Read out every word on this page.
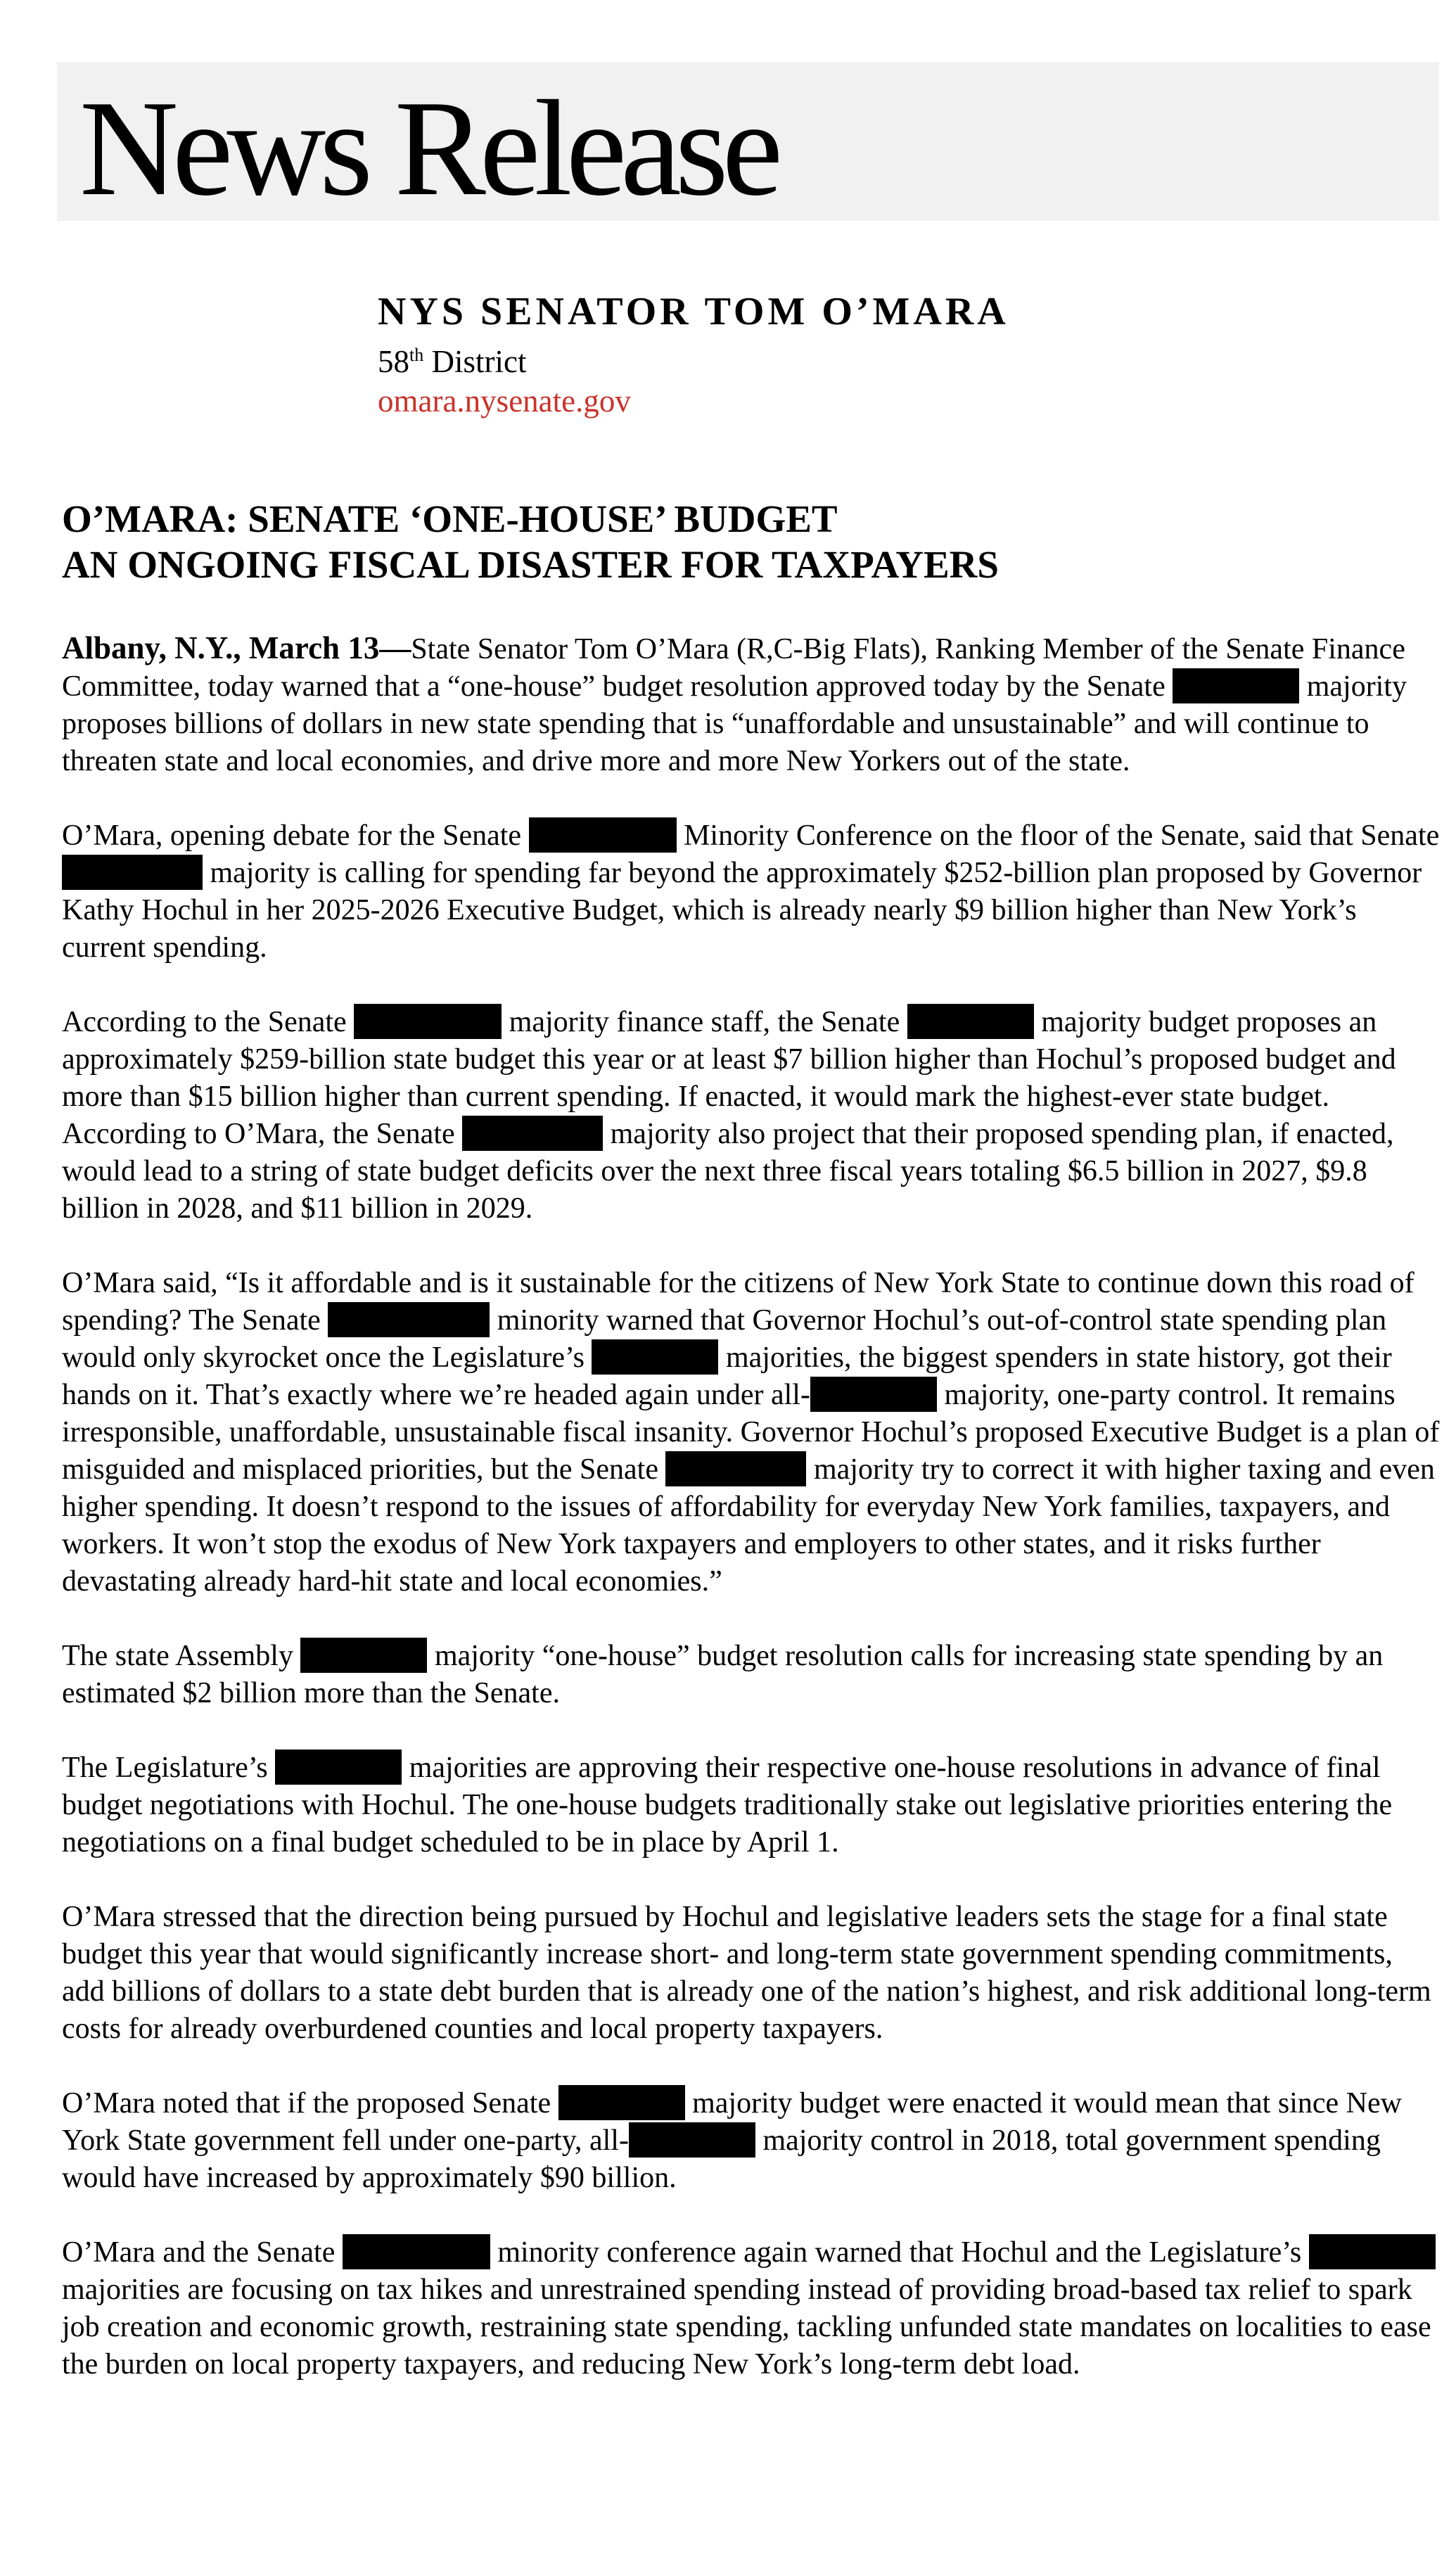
News Release
NYS SENATOR TOM O’MARA
58th District
omara.nysenate.gov
O’MARA: SENATE ‘ONE-HOUSE’ BUDGET
AN ONGOING FISCAL DISASTER FOR TAXPAYERS

Albany, N.Y., March 13—State Senator Tom O’Mara (R,C-Big Flats), Ranking Member of the Senate Finance Committee, today warned that a “one-house” budget resolution approved today by the Senate	majority proposes billions of dollars in new state spending that is “unaffordable and unsustainable” and will continue to threaten state and local economies, and drive more and more New Yorkers out of the state.

O’Mara, opening debate for the Senate	Minority Conference on the floor of the Senate, said that Senate  majority is calling for spending far beyond the approximately $252-billion plan proposed by Governor Kathy Hochul in her 2025-2026 Executive Budget, which is already nearly $9 billion higher than New York’s current spending.

According to the Senate	majority finance staff, the Senate	majority budget proposes an approximately $259-billion state budget this year or at least $7 billion higher than Hochul’s proposed budget and more than $15 billion higher than current spending. If enacted, it would mark the highest-ever state budget. According to O’Mara, the Senate	majority also project that their proposed spending plan, if enacted, would lead to a string of state budget deficits over the next three fiscal years totaling $6.5 billion in 2027, $9.8 billion in 2028, and $11 billion in 2029.

O’Mara said, “Is it affordable and is it sustainable for the citizens of New York State to continue down this road of spending? The Senate	minority warned that Governor Hochul’s out-of-control state spending plan would only skyrocket once the Legislature’s	majorities, the biggest spenders in state history, got their hands on it. That’s exactly where we’re headed again under all-	majority, one-party control. It remains irresponsible, unaffordable, unsustainable fiscal insanity. Governor Hochul’s proposed Executive Budget is a plan of misguided and misplaced priorities, but the Senate	majority try to correct it with higher taxing and even higher spending. It doesn’t respond to the issues of affordability for everyday New York families, taxpayers, and workers. It won’t stop the exodus of New York taxpayers and employers to other states, and it risks further devastating already hard-hit state and local economies.”

The state Assembly	majority “one-house” budget resolution calls for increasing state spending by an estimated $2 billion more than the Senate.

The Legislature’s	majorities are approving their respective one-house resolutions in advance of final budget negotiations with Hochul. The one-house budgets traditionally stake out legislative priorities entering the negotiations on a final budget scheduled to be in place by April 1.

O’Mara stressed that the direction being pursued by Hochul and legislative leaders sets the stage for a final state budget this year that would significantly increase short- and long-term state government spending commitments, add billions of dollars to a state debt burden that is already one of the nation’s highest, and risk additional long-term costs for already overburdened counties and local property taxpayers.

O’Mara noted that if the proposed Senate	majority budget were enacted it would mean that since New York State government fell under one-party, all-	majority control in 2018, total government spending would have increased by approximately $90 billion.

O’Mara and the Senate	minority conference again warned that Hochul and the Legislature’s  majorities are focusing on tax hikes and unrestrained spending instead of providing broad-based tax relief to spark job creation and economic growth, restraining state spending, tackling unfunded state mandates on localities to ease the burden on local property taxpayers, and reducing New York’s long-term debt load.
